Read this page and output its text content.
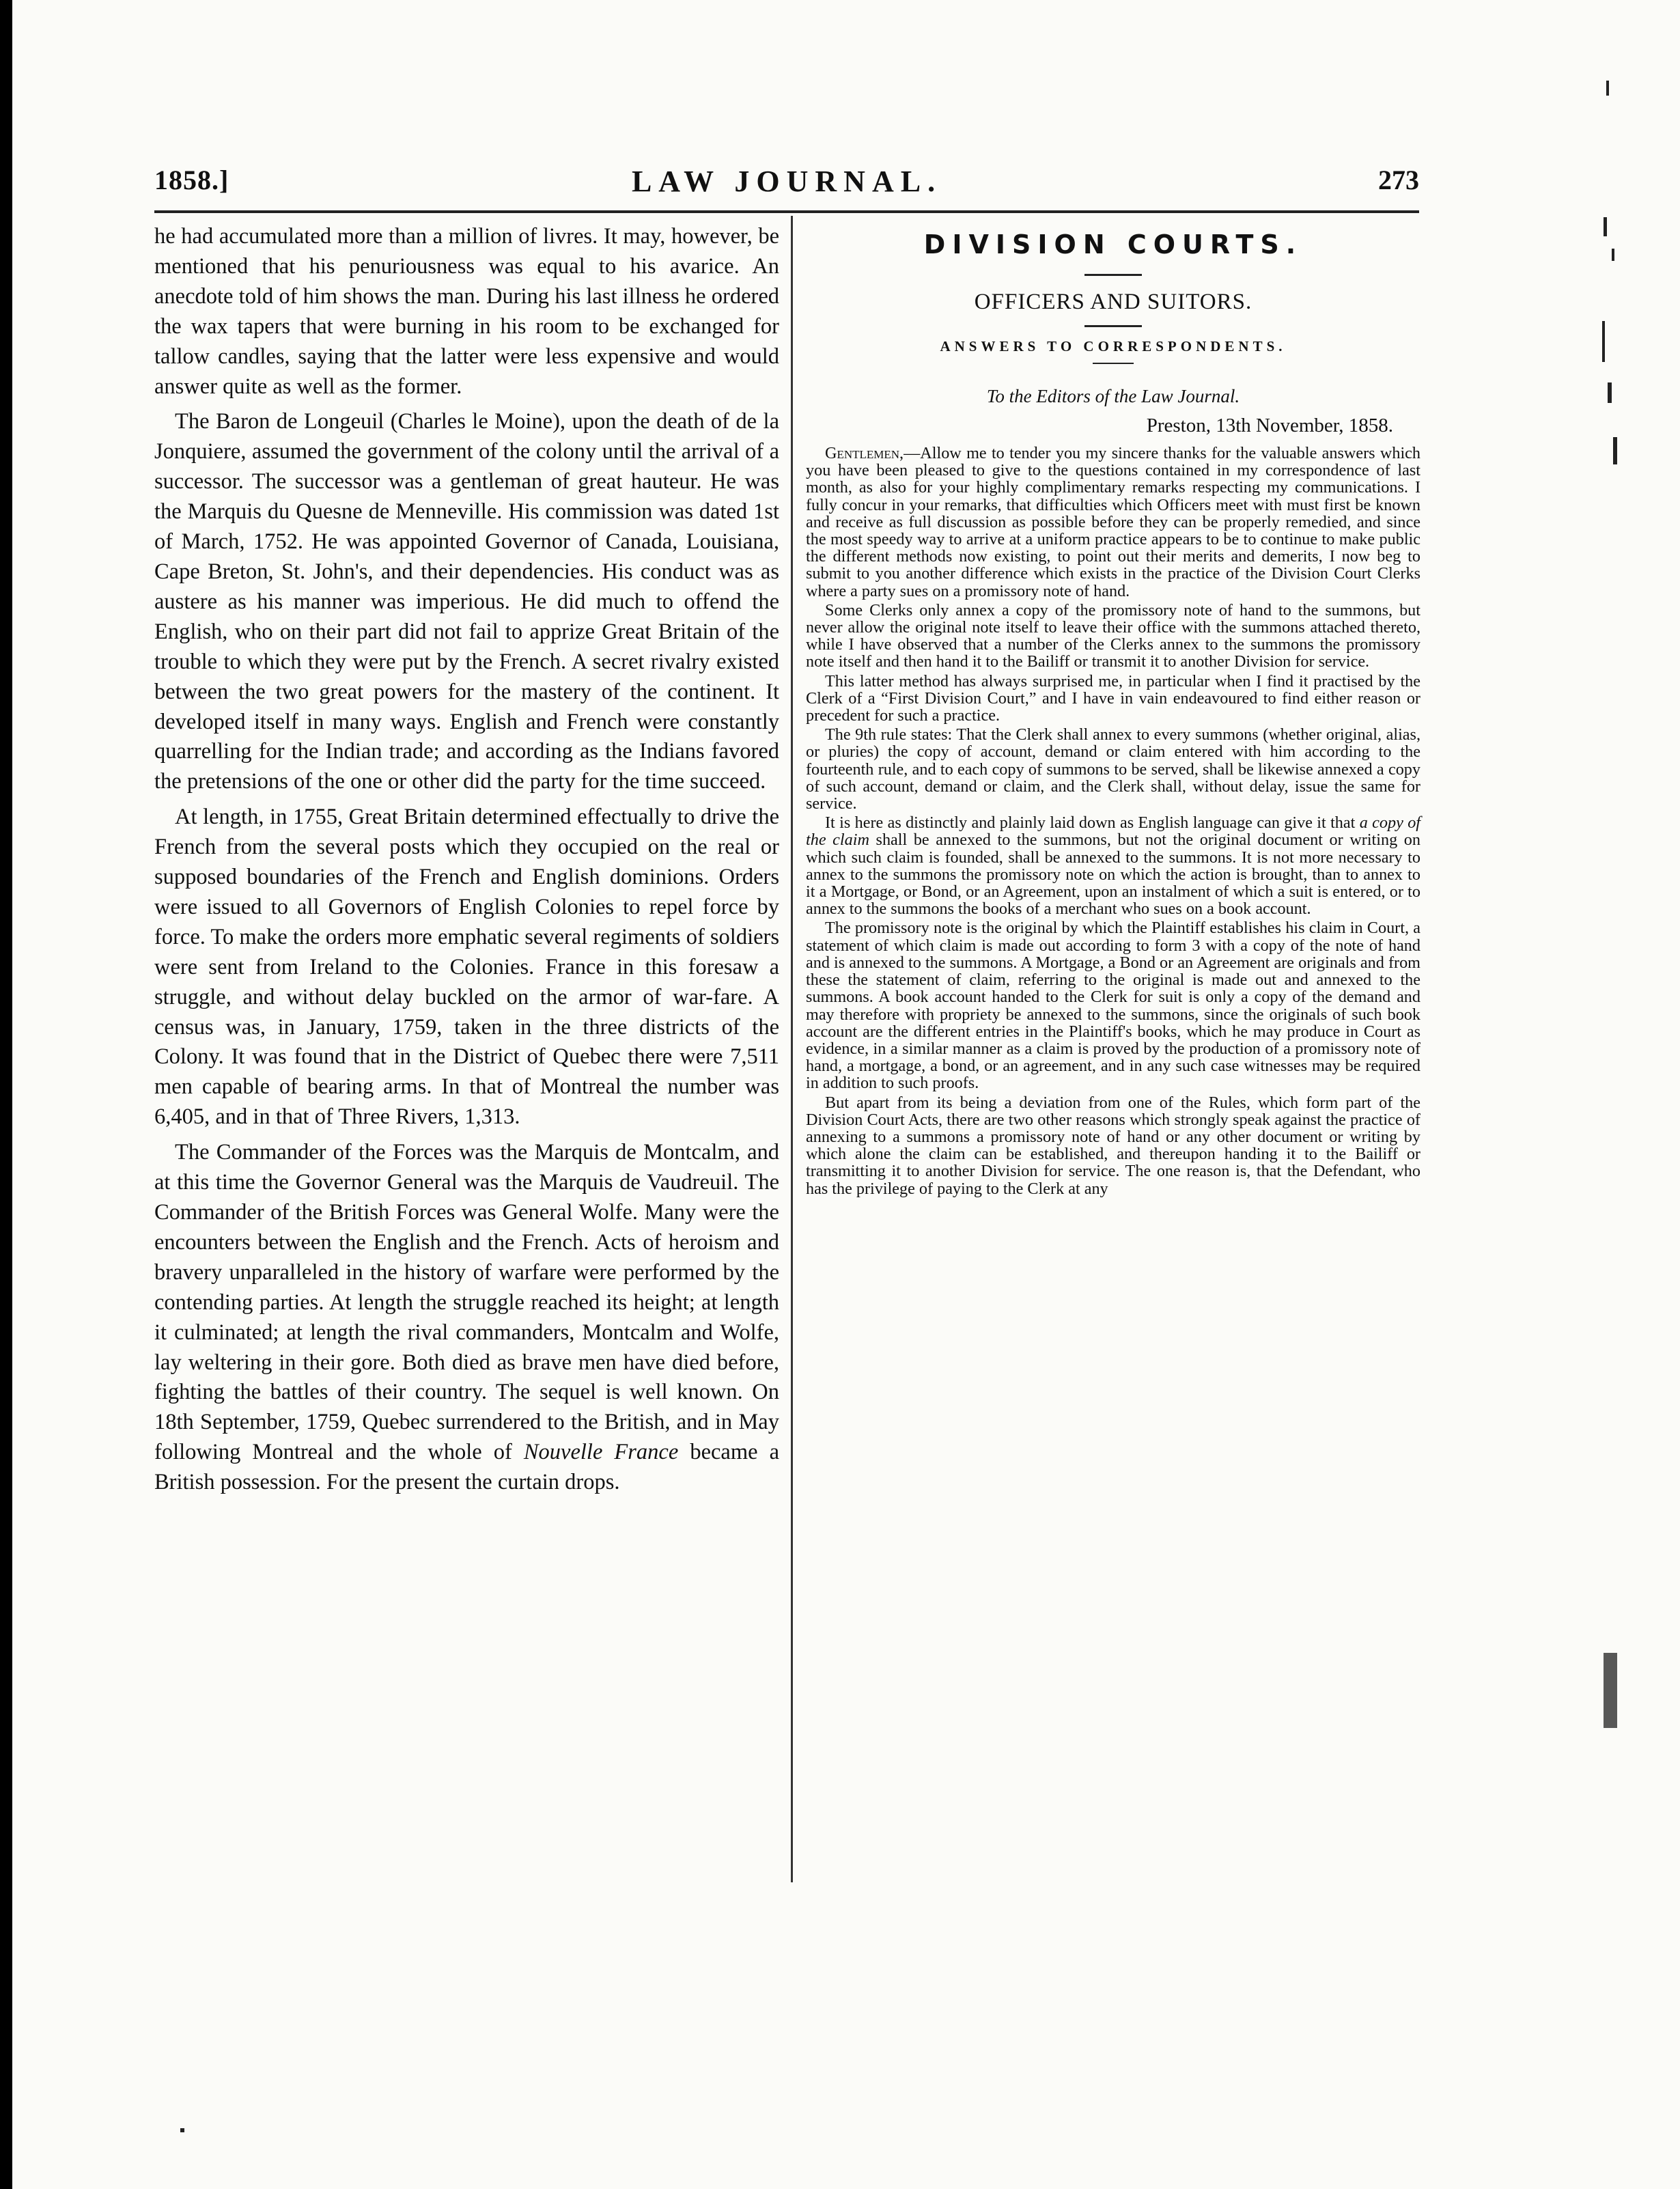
1858.]	LAW JOURNAL.	273

he had accumulated more than a million of livres. It may, however, be mentioned that his penuriousness was equal to his avarice. An anecdote told of him shows the man. During his last illness he ordered the wax tapers that were burning in his room to be exchanged for tallow candles, saying that the latter were less expensive and would answer quite as well as the former.

The Baron de Longeuil (Charles le Moine), upon the death of de la Jonquiere, assumed the government of the colony until the arrival of a successor. The successor was a gentleman of great hauteur. He was the Marquis du Quesne de Menneville. His commission was dated 1st of March, 1752. He was appointed Governor of Canada, Louisiana, Cape Breton, St. John's, and their dependencies. His conduct was as austere as his manner was imperious. He did much to offend the English, who on their part did not fail to apprize Great Britain of the trouble to which they were put by the French. A secret rivalry existed between the two great powers for the mastery of the continent. It developed itself in many ways. English and French were constantly quarrelling for the Indian trade; and according as the Indians favored the pretensions of the one or other did the party for the time succeed.

At length, in 1755, Great Britain determined effectually to drive the French from the several posts which they occupied on the real or supposed boundaries of the French and English dominions. Orders were issued to all Governors of English Colonies to repel force by force. To make the orders more emphatic several regiments of soldiers were sent from Ireland to the Colonies. France in this foresaw a struggle, and without delay buckled on the armor of war-fare. A census was, in January, 1759, taken in the three districts of the Colony. It was found that in the District of Quebec there were 7,511 men capable of bearing arms. In that of Montreal the number was 6,405, and in that of Three Rivers, 1,313.

The Commander of the Forces was the Marquis de Montcalm, and at this time the Governor General was the Marquis de Vaudreuil. The Commander of the British Forces was General Wolfe. Many were the encounters between the English and the French. Acts of heroism and bravery unparalleled in the history of warfare were performed by the contending parties. At length the struggle reached its height; at length it culminated; at length the rival commanders, Montcalm and Wolfe, lay weltering in their gore. Both died as brave men have died before, fighting the battles of their country. The sequel is well known. On 18th September, 1759, Quebec surrendered to the British, and in May following Montreal and the whole of Nouvelle France became a British possession. For the present the curtain drops.

DIVISION COURTS.
OFFICERS AND SUITORS.
ANSWERS TO CORRESPONDENTS.
To the Editors of the Law Journal.
Preston, 13th November, 1858.

Gentlemen,—Allow me to tender you my sincere thanks for the valuable answers which you have been pleased to give to the questions contained in my correspondence of last month, as also for your highly complimentary remarks respecting my communications. I fully concur in your remarks, that difficulties which Officers meet with must first be known and receive as full discussion as possible before they can be properly remedied, and since the most speedy way to arrive at a uniform practice appears to be to continue to make public the different methods now existing, to point out their merits and demerits, I now beg to submit to you another difference which exists in the practice of the Division Court Clerks where a party sues on a promissory note of hand.

Some Clerks only annex a copy of the promissory note of hand to the summons, but never allow the original note itself to leave their office with the summons attached thereto, while I have observed that a number of the Clerks annex to the summons the promissory note itself and then hand it to the Bailiff or transmit it to another Division for service.

This latter method has always surprised me, in particular when I find it practised by the Clerk of a “First Division Court,” and I have in vain endeavoured to find either reason or precedent for such a practice.

The 9th rule states: That the Clerk shall annex to every summons (whether original, alias, or pluries) the copy of account, demand or claim entered with him according to the fourteenth rule, and to each copy of summons to be served, shall be likewise annexed a copy of such account, demand or claim, and the Clerk shall, without delay, issue the same for service.

It is here as distinctly and plainly laid down as English language can give it that a copy of the claim shall be annexed to the summons, but not the original document or writing on which such claim is founded, shall be annexed to the summons. It is not more necessary to annex to the summons the promissory note on which the action is brought, than to annex to it a Mortgage, or Bond, or an Agreement, upon an instalment of which a suit is entered, or to annex to the summons the books of a merchant who sues on a book account.

The promissory note is the original by which the Plaintiff establishes his claim in Court, a statement of which claim is made out according to form 3 with a copy of the note of hand and is annexed to the summons. A Mortgage, a Bond or an Agreement are originals and from these the statement of claim, referring to the original is made out and annexed to the summons. A book account handed to the Clerk for suit is only a copy of the demand and may therefore with propriety be annexed to the summons, since the originals of such book account are the different entries in the Plaintiff's books, which he may produce in Court as evidence, in a similar manner as a claim is proved by the production of a promissory note of hand, a mortgage, a bond, or an agreement, and in any such case witnesses may be required in addition to such proofs.

But apart from its being a deviation from one of the Rules, which form part of the Division Court Acts, there are two other reasons which strongly speak against the practice of annexing to a summons a promissory note of hand or any other document or writing by which alone the claim can be established, and thereupon handing it to the Bailiff or transmitting it to another Division for service. The one reason is, that the Defendant, who has the privilege of paying to the Clerk at any
